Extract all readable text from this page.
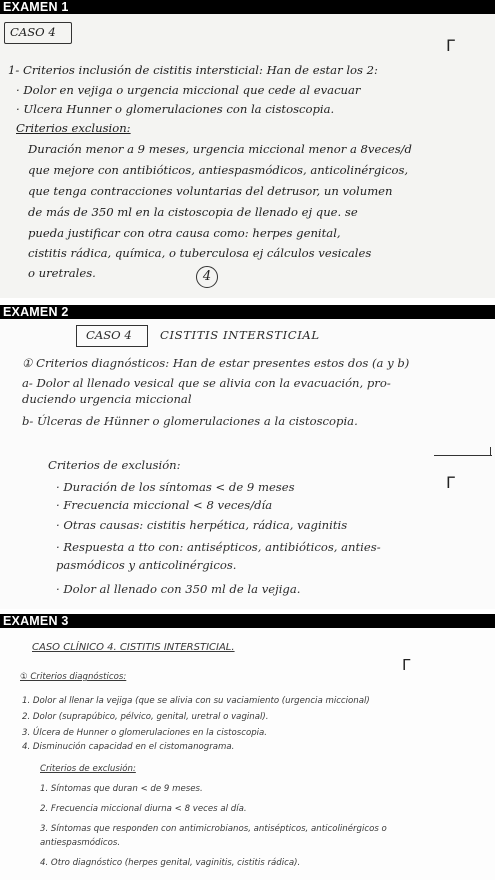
EXAMEN 1
CASO 4
Γ
1- Criterios inclusión de cistitis intersticial: Han de estar los 2:
· Dolor en vejiga o urgencia miccional que cede al evacuar
· Ulcera Hunner o glomerulaciones con la cistoscopia.
Criterios exclusion:
Duración menor a 9 meses, urgencia miccional menor a 8veces/d
que mejore con antibióticos, antiespasmódicos, anticolinérgicos,
que tenga contracciones voluntarias del detrusor, un volumen
de más de 350 ml en la cistoscopia de llenado ej que. se
pueda justificar con otra causa como: herpes genital,
cistitis rádica, química, o tuberculosa ej cálculos vesicales
o uretrales.	4
EXAMEN 2
CASO 4 CISTITIS INTERSTICIAL
① Criterios diagnósticos: Han de estar presentes estos dos (a y b)
a- Dolor al llenado vesical que se alivia con la evacuación, pro-
duciendo urgencia miccional
b- Úlceras de Hünner o glomerulaciones a la cistoscopia.
Criterios de exclusión:
Γ
· Duración de los síntomas < de 9 meses
· Frecuencia miccional < 8 veces/día
· Otras causas: cistitis herpética, rádica, vaginitis
· Respuesta a tto con: antisépticos, antibióticos, anties-
pasmódicos y anticolinérgicos.
· Dolor al llenado con 350 ml de la vejiga.
EXAMEN 3
CASO CLÍNICO 4. CISTITIS INTERSTICIAL.
Γ
① Criterios diagnósticos:
1. Dolor al llenar la vejiga (que se alivia con su vaciamiento (urgencia miccional)
2. Dolor (suprapúbico, pélvico, genital, uretral o vaginal).
3. Úlcera de Hunner o glomerulaciones en la cistoscopia.
4. Disminución capacidad en el cistomanograma.
Criterios de exclusión:
1. Síntomas que duran < de 9 meses.
2. Frecuencia miccional diurna < 8 veces al día.
3. Síntomas que responden con antimicrobianos, antisépticos, anticolinérgicos o
antiespasmódicos.
4. Otro diagnóstico (herpes genital, vaginitis, cistitis rádica).
